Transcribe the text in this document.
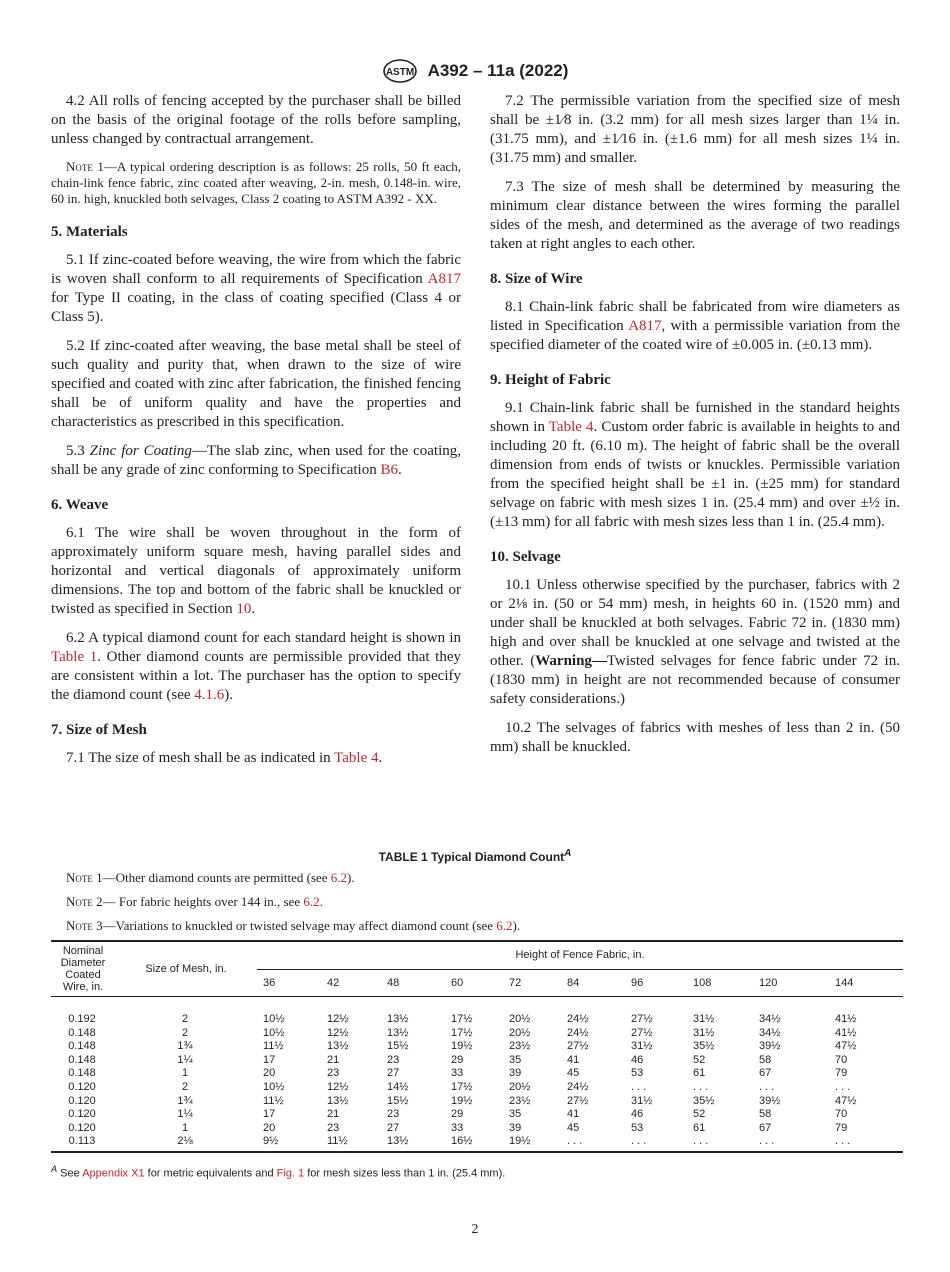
ASTM A392 – 11a (2022)

4.2 All rolls of fencing accepted by the purchaser shall be billed on the basis of the original footage of the rolls before sampling, unless changed by contractual arrangement.

Note 1—A typical ordering description is as follows: 25 rolls, 50 ft each, chain-link fence fabric, zinc coated after weaving, 2-in. mesh, 0.148-in. wire, 60 in. high, knuckled both selvages, Class 2 coating to ASTM A392 - XX.

5. Materials

5.1 If zinc-coated before weaving, the wire from which the fabric is woven shall conform to all requirements of Specification A817 for Type II coating, in the class of coating specified (Class 4 or Class 5).

5.2 If zinc-coated after weaving, the base metal shall be steel of such quality and purity that, when drawn to the size of wire specified and coated with zinc after fabrication, the finished fencing shall be of uniform quality and have the properties and characteristics as prescribed in this specification.

5.3 Zinc for Coating—The slab zinc, when used for the coating, shall be any grade of zinc conforming to Specification B6.

6. Weave

6.1 The wire shall be woven throughout in the form of approximately uniform square mesh, having parallel sides and horizontal and vertical diagonals of approximately uniform dimensions. The top and bottom of the fabric shall be knuckled or twisted as specified in Section 10.

6.2 A typical diamond count for each standard height is shown in Table 1. Other diamond counts are permissible provided that they are consistent within a lot. The purchaser has the option to specify the diamond count (see 4.1.6).

7. Size of Mesh

7.1 The size of mesh shall be as indicated in Table 4.

7.2 The permissible variation from the specified size of mesh shall be ±1⁄8 in. (3.2 mm) for all mesh sizes larger than 1¼ in. (31.75 mm), and ±1⁄16 in. (±1.6 mm) for all mesh sizes 1¼ in. (31.75 mm) and smaller.

7.3 The size of mesh shall be determined by measuring the minimum clear distance between the wires forming the parallel sides of the mesh, and determined as the average of two readings taken at right angles to each other.

8. Size of Wire

8.1 Chain-link fabric shall be fabricated from wire diameters as listed in Specification A817, with a permissible variation from the specified diameter of the coated wire of ±0.005 in. (±0.13 mm).

9. Height of Fabric

9.1 Chain-link fabric shall be furnished in the standard heights shown in Table 4. Custom order fabric is available in heights to and including 20 ft. (6.10 m). The height of fabric shall be the overall dimension from ends of twists or knuckles. Permissible variation from the specified height shall be ±1 in. (±25 mm) for standard selvage on fabric with mesh sizes 1 in. (25.4 mm) and over ±½ in. (±13 mm) for all fabric with mesh sizes less than 1 in. (25.4 mm).

10. Selvage

10.1 Unless otherwise specified by the purchaser, fabrics with 2 or 2⅛ in. (50 or 54 mm) mesh, in heights 60 in. (1520 mm) and under shall be knuckled at both selvages. Fabric 72 in. (1830 mm) high and over shall be knuckled at one selvage and twisted at the other. (Warning—Twisted selvages for fence fabric under 72 in. (1830 mm) in height are not recommended because of consumer safety considerations.)

10.2 The selvages of fabrics with meshes of less than 2 in. (50 mm) shall be knuckled.

TABLE 1 Typical Diamond Count$^A$

Note 1—Other diamond counts are permitted (see 6.2).

Note 2— For fabric heights over 144 in., see 6.2.

Note 3—Variations to knuckled or twisted selvage may affect diamond count (see 6.2).

Nominal Diameter Coated Wire, in.	Size of Mesh, in.	Height of Fence Fabric, in.									
		36	42	48	60	72	84	96	108	120	144
0.192	2	10½	12½	13½	17½	20½	24½	27½	31½	34½	41½
0.148	2	10½	12½	13½	17½	20½	24½	27½	31½	34½	41½
0.148	1¾	11½	13½	15½	19½	23½	27½	31½	35½	39½	47½
0.148	1¼	17	21	23	29	35	41	46	52	58	70
0.148	1	20	23	27	33	39	45	53	61	67	79
0.120	2	10½	12½	14½	17½	20½	24½	. . .	. . .	. . .	. . .
0.120	1¾	11½	13½	15½	19½	23½	27½	31½	35½	39½	47½
0.120	1¼	17	21	23	29	35	41	46	52	58	70
0.120	1	20	23	27	33	39	45	53	61	67	79
0.113	2⅛	9½	11½	13½	16½	19½	. . .	. . .	. . .	. . .	. . .
$^A$ See Appendix X1 for metric equivalents and Fig. 1 for mesh sizes less than 1 in. (25.4 mm).
2
